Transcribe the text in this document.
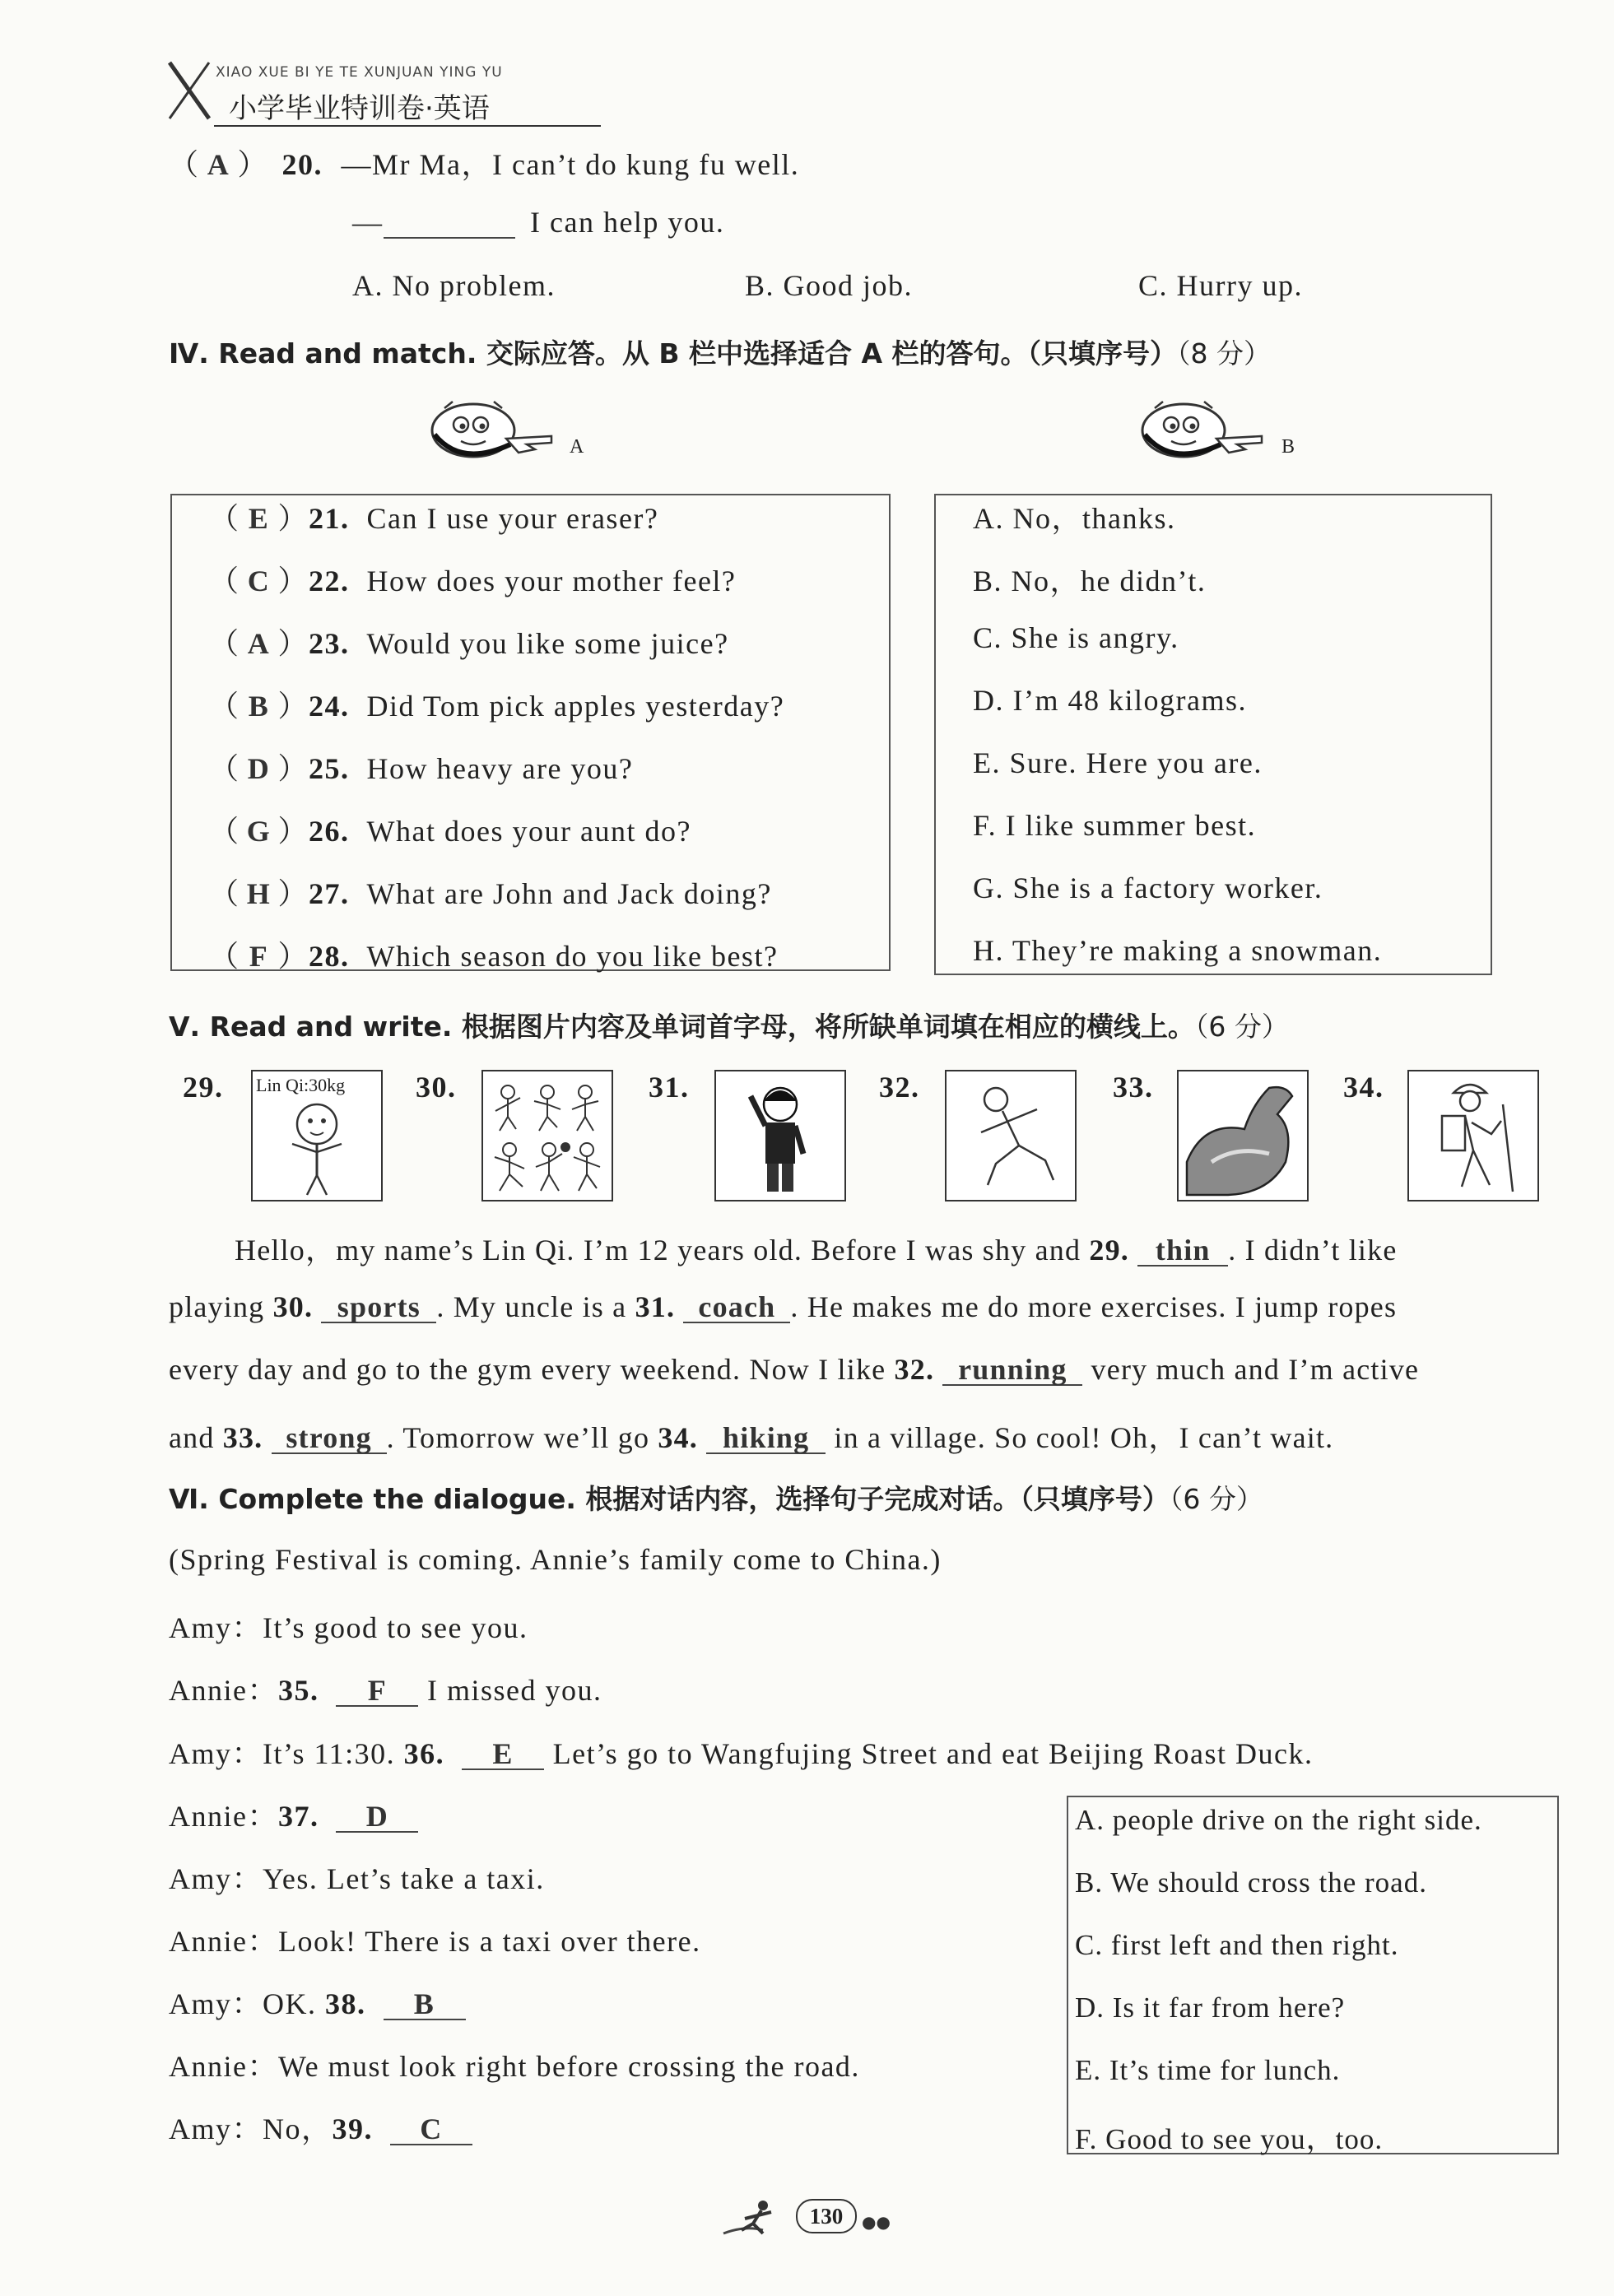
XIAO XUE BI YE TE XUNJUAN YING YU
小学毕业特训卷·英语
（ A ） 20. —Mr Ma，I can’t do kung fu well.
—	I can help you.
A. No problem.	B. Good job.	C. Hurry up.
Ⅳ. Read and match. 交际应答。从 B 栏中选择适合 A 栏的答句。（只填序号）（8 分）
A	B
（ E ）21. Can I use your eraser?
（ C ）22. How does your mother feel?
（ A ）23. Would you like some juice?
（ B ）24. Did Tom pick apples yesterday?
（ D ）25. How heavy are you?
（ G ）26. What does your aunt do?
（ H ）27. What are John and Jack doing?
（ F ）28. Which season do you like best?
A. No，thanks.
B. No，he didn’t.
C. She is angry.
D. I’m 48 kilograms.
E. Sure. Here you are.
F. I like summer best.
G. She is a factory worker.
H. They’re making a snowman.
Ⅴ. Read and write. 根据图片内容及单词首字母，将所缺单词填在相应的横线上。（6 分）
29.	30.	31.	32.	33.	34.
Lin Qi:30kg
Hello，my name’s Lin Qi. I’m 12 years old. Before I was shy and 29. thin . I didn’t like
playing 30. sports . My uncle is a 31. coach . He makes me do more exercises. I jump ropes
every day and go to the gym every weekend. Now I like 32. running very much and I’m active
and 33. strong . Tomorrow we’ll go 34. hiking in a village. So cool! Oh，I can’t wait.
Ⅵ. Complete the dialogue. 根据对话内容，选择句子完成对话。（只填序号）（6 分）
(Spring Festival is coming. Annie’s family come to China.)
Amy：It’s good to see you.
Annie：35. F I missed you.
Amy：It’s 11:30. 36. E Let’s go to Wangfujing Street and eat Beijing Roast Duck.
Annie：37. D
Amy：Yes. Let’s take a taxi.
Annie：Look! There is a taxi over there.
Amy：OK. 38. B
Annie：We must look right before crossing the road.
Amy：No，39. C
A. people drive on the right side.
B. We should cross the road.
C. first left and then right.
D. Is it far from here?
E. It’s time for lunch.
F. Good to see you，too.
130	●●
